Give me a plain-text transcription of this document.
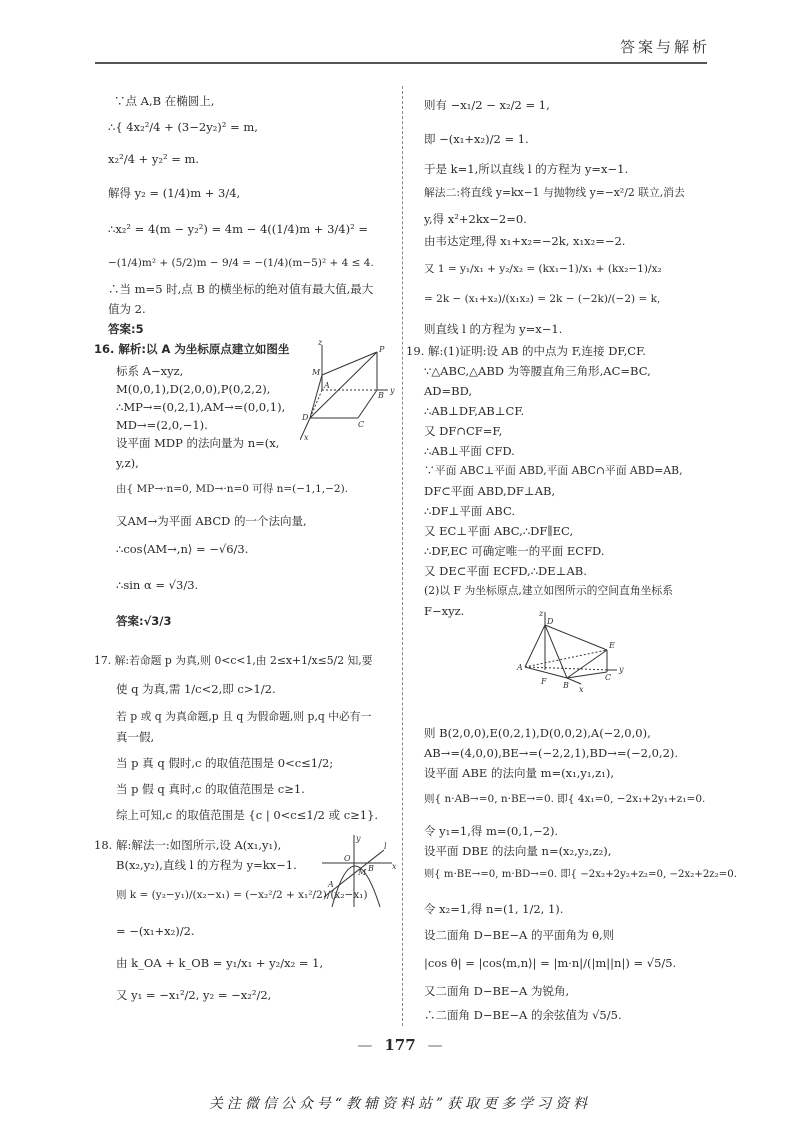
答案与解析
∵点 A,B 在椭圆上,
∴{ 4x₂²/4 + (3−2y₂)² = m,
x₂²/4 + y₂² = m.
解得 y₂ = (1/4)m + 3/4,
∴x₂² = 4(m − y₂²) = 4m − 4((1/4)m + 3/4)² =
−(1/4)m² + (5/2)m − 9/4 = −(1/4)(m−5)² + 4 ≤ 4.
∴当 m=5 时,点 B 的横坐标的绝对值有最大值,最大
值为 2.
答案:5
16. 解析:以 A 为坐标原点建立如图坐
标系 A−xyz,
M(0,0,1),D(2,0,0),P(0,2,2),
∴MP→=(0,2,1),AM→=(0,0,1),
MD→=(2,0,−1).
设平面 MDP 的法向量为 n=(x,
y,z),
由{ MP→·n=0, MD→·n=0 可得 n=(−1,1,−2).
又AM→为平面 ABCD 的一个法向量,
∴cos⟨AM→,n⟩ = −√6/3.
∴sin α = √3/3.
答案:√3/3
17. 解:若命题 p 为真,则 0<c<1,由 2≤x+1/x≤5/2 知,要
使 q 为真,需 1/c<2,即 c>1/2.
若 p 或 q 为真命题,p 且 q 为假命题,则 p,q 中必有一
真一假,
当 p 真 q 假时,c 的取值范围是 0<c≤1/2;
当 p 假 q 真时,c 的取值范围是 c≥1.
综上可知,c 的取值范围是 {c | 0<c≤1/2 或 c≥1}.
18. 解:解法一:如图所示,设 A(x₁,y₁),
B(x₂,y₂),直线 l 的方程为 y=kx−1.
则 k = (y₂−y₁)/(x₂−x₁) = (−x₂²/2 + x₁²/2)/(x₂−x₁)
= −(x₁+x₂)/2.
由 k_OA + k_OB = y₁/x₁ + y₂/x₂ = 1,
又 y₁ = −x₁²/2, y₂ = −x₂²/2,
z
P
M
A
B
y
D
C
x
y
l
O
B
M
A
x
则有 −x₁/2 − x₂/2 = 1,
即 −(x₁+x₂)/2 = 1.
于是 k=1,所以直线 l 的方程为 y=x−1.
解法二:将直线 y=kx−1 与抛物线 y=−x²/2 联立,消去
y,得 x²+2kx−2=0.
由韦达定理,得 x₁+x₂=−2k, x₁x₂=−2.
又 1 = y₁/x₁ + y₂/x₂ = (kx₁−1)/x₁ + (kx₂−1)/x₂
= 2k − (x₁+x₂)/(x₁x₂) = 2k − (−2k)/(−2) = k,
则直线 l 的方程为 y=x−1.
19. 解:(1)证明:设 AB 的中点为 F,连接 DF,CF.
∵△ABC,△ABD 为等腰直角三角形,AC=BC,
AD=BD,
∴AB⊥DF,AB⊥CF.
又 DF∩CF=F,
∴AB⊥平面 CFD.
∵平面 ABC⊥平面 ABD,平面 ABC∩平面 ABD=AB,
DF⊂平面 ABD,DF⊥AB,
∴DF⊥平面 ABC.
又 EC⊥平面 ABC,∴DF∥EC,
∴DF,EC 可确定唯一的平面 ECFD.
又 DE⊂平面 ECFD,∴DE⊥AB.
(2)以 F 为坐标原点,建立如图所示的空间直角坐标系
F−xyz.
则 B(2,0,0),E(0,2,1),D(0,0,2),A(−2,0,0),
AB→=(4,0,0),BE→=(−2,2,1),BD→=(−2,0,2).
设平面 ABE 的法向量 m=(x₁,y₁,z₁),
则{ n·AB→=0, n·BE→=0. 即{ 4x₁=0, −2x₁+2y₁+z₁=0.
令 y₁=1,得 m=(0,1,−2).
设平面 DBE 的法向量 n=(x₂,y₂,z₂),
则{ m·BE→=0, m·BD→=0. 即{ −2x₂+2y₂+z₂=0, −2x₂+2z₂=0.
令 x₂=1,得 n=(1, 1/2, 1).
设二面角 D−BE−A 的平面角为 θ,则
|cos θ| = |cos⟨m,n⟩| = |m·n|/(|m||n|) = √5/5.
又二面角 D−BE−A 为锐角,
∴二面角 D−BE−A 的余弦值为 √5/5.
z
D
E
A	y
C
F B x
— 177 —
关注微信公众号“教辅资料站”获取更多学习资料
